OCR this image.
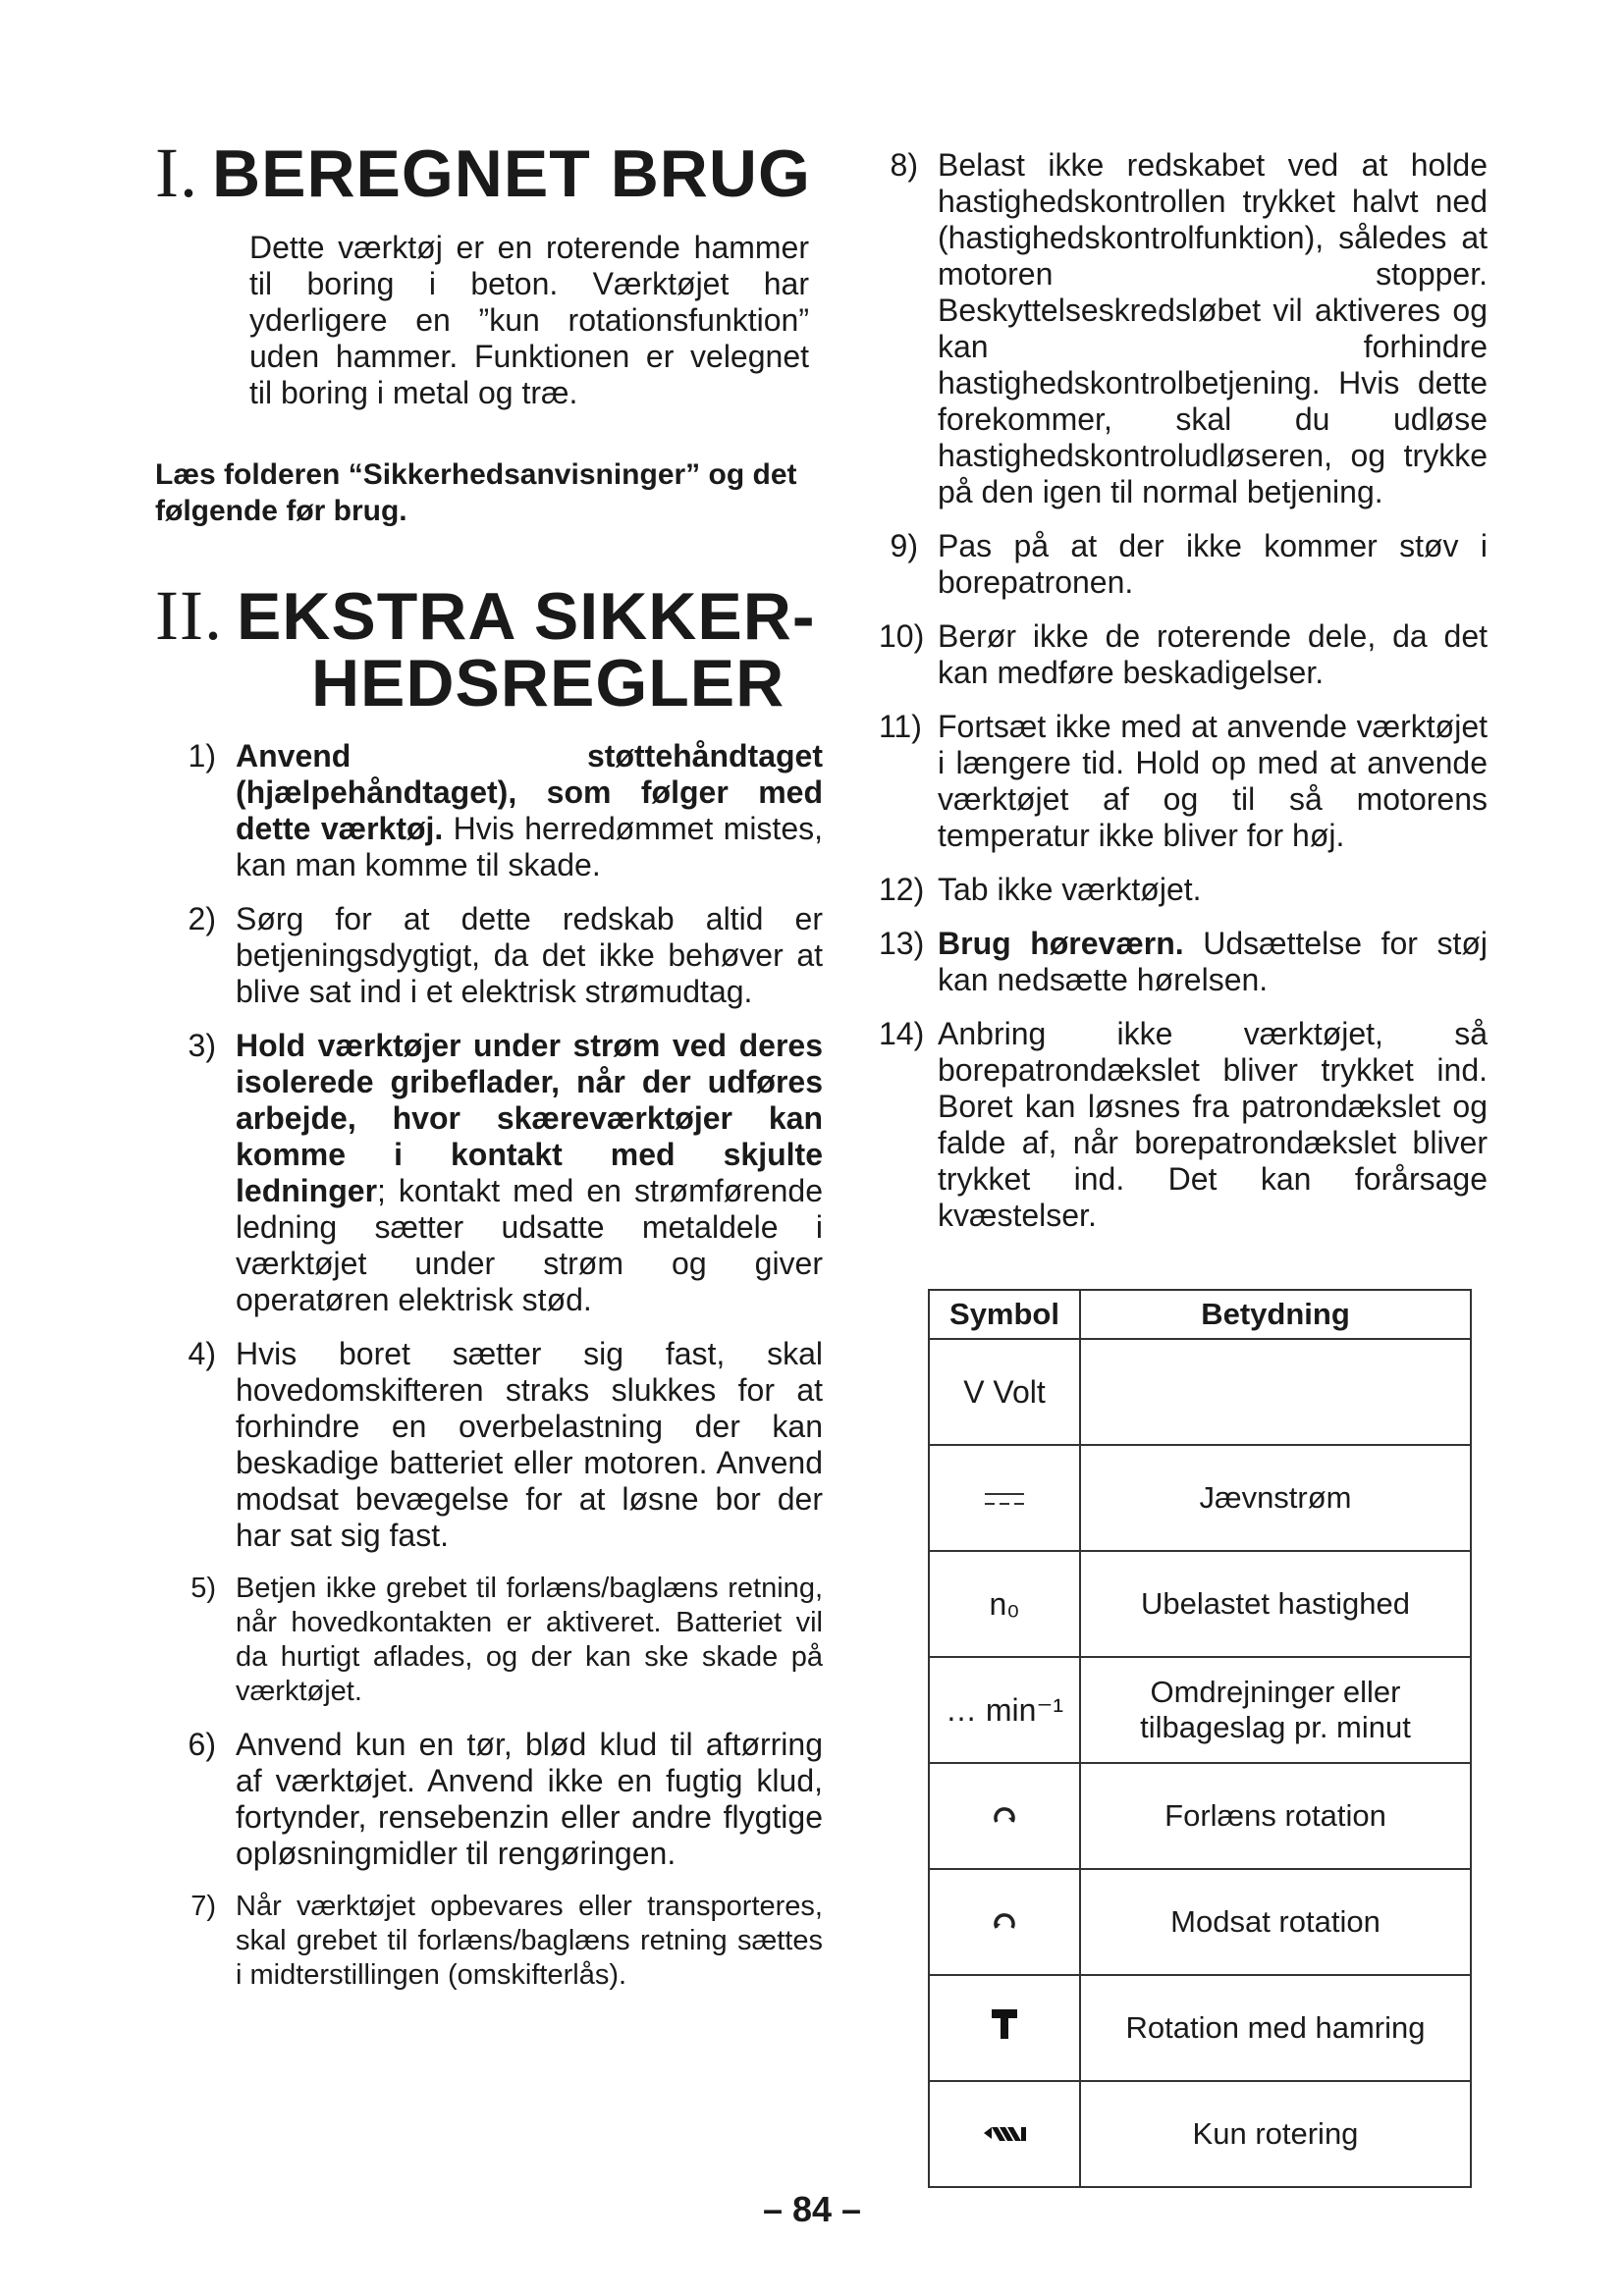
I. BEREGNET BRUG

Dette værktøj er en roterende hammer til boring i beton. Værktøjet har yderligere en ”kun rotationsfunktion” uden hammer. Funktionen er velegnet til boring i metal og træ.

Læs folderen “Sikkerhedsanvisninger” og det følgende før brug.

II. EKSTRA SIKKER-
HEDSREGLER
1) Anvend støttehåndtaget (hjælpehåndtaget), som følger med dette værktøj. Hvis herredømmet mistes, kan man komme til skade.
2) Sørg for at dette redskab altid er betjeningsdygtigt, da det ikke behøver at blive sat ind i et elektrisk strømudtag.
3) Hold værktøjer under strøm ved deres isolerede gribeflader, når der udføres arbejde, hvor skæreværktøjer kan komme i kontakt med skjulte ledninger; kontakt med en strømførende ledning sætter udsatte metaldele i værktøjet under strøm og giver operatøren elektrisk stød.
4) Hvis boret sætter sig fast, skal hovedomskifteren straks slukkes for at forhindre en overbelastning der kan beskadige batteriet eller motoren. Anvend modsat bevægelse for at løsne bor der har sat sig fast.
5) Betjen ikke grebet til forlæns/baglæns retning, når hovedkontakten er aktiveret. Batteriet vil da hurtigt aflades, og der kan ske skade på værktøjet.
6) Anvend kun en tør, blød klud til aftørring af værktøjet. Anvend ikke en fugtig klud, fortynder, rensebenzin eller andre flygtige opløsningmidler til rengøringen.
7) Når værktøjet opbevares eller transporteres, skal grebet til forlæns/baglæns retning sættes i midterstillingen (omskifterlås).
8) Belast ikke redskabet ved at holde hastighedskontrollen trykket halvt ned (hastighedskontrolfunktion), således at motoren stopper. Beskyttelseskredsløbet vil aktiveres og kan forhindre hastighedskontrolbetjening. Hvis dette forekommer, skal du udløse hastighedskontroludløseren, og trykke på den igen til normal betjening.
9) Pas på at der ikke kommer støv i borepatronen.
10) Berør ikke de roterende dele, da det kan medføre beskadigelser.
11) Fortsæt ikke med at anvende værktøjet i længere tid. Hold op med at anvende værktøjet af og til så motorens temperatur ikke bliver for høj.
12) Tab ikke værktøjet.
13) Brug høreværn. Udsættelse for støj kan nedsætte hørelsen.
14) Anbring ikke værktøjet, så borepatrondækslet bliver trykket ind. Boret kan løsnes fra patrondækslet og falde af, når borepatrondækslet bliver trykket ind. Det kan forårsage kvæstelser.
Symbol	Betydning
V Volt	
	Jævnstrøm
n₀	Ubelastet hastighed
… min⁻¹	Omdrejninger eller tilbageslag pr. minut
	Forlæns rotation
	Modsat rotation
	Rotation med hamring
	Kun rotering
– 84 –
